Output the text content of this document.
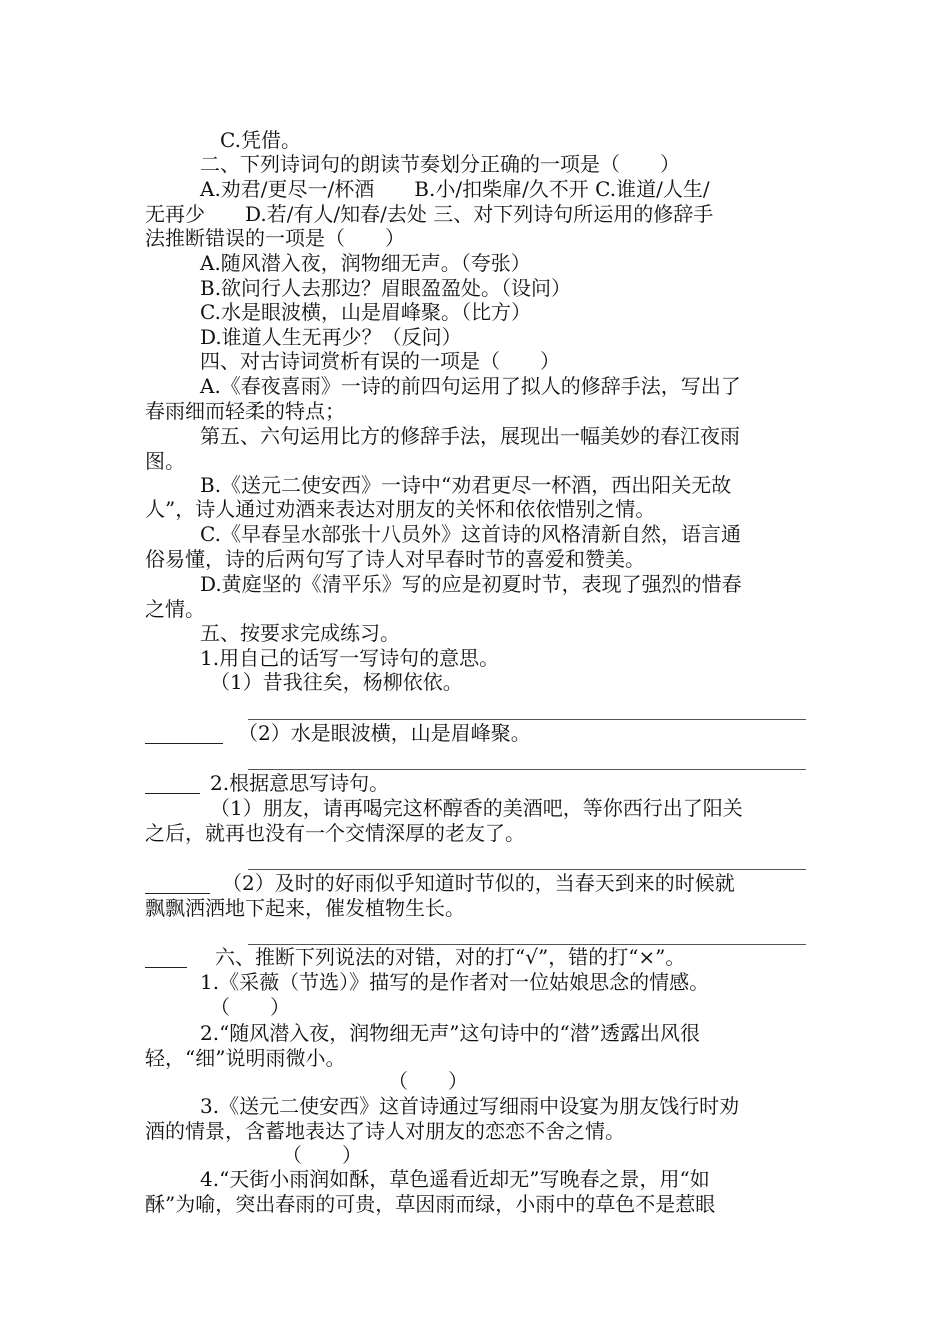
C.凭借。
二、下列诗词句的朗读节奏划分正确的一项是（　　）
A.劝君/更尽一/杯酒　　B.小/扣柴扉/久不开 C.谁道/人生/
无再少　　D.若/有人/知春/去处 三、对下列诗句所运用的修辞手
法推断错误的一项是（　　）
A.随风潜入夜，润物细无声。（夸张）
B.欲问行人去那边？眉眼盈盈处。（设问）
C.水是眼波横，山是眉峰聚。（比方）
D.谁道人生无再少？（反问）
四、对古诗词赏析有误的一项是（　　）
A.《春夜喜雨》一诗的前四句运用了拟人的修辞手法，写出了
春雨细而轻柔的特点；
第五、六句运用比方的修辞手法，展现出一幅美妙的春江夜雨
图。
B.《送元二使安西》一诗中“劝君更尽一杯酒，西出阳关无故
人”，诗人通过劝酒来表达对朋友的关怀和依依惜别之情。
C.《早春呈水部张十八员外》这首诗的风格清新自然，语言通
俗易懂，诗的后两句写了诗人对早春时节的喜爱和赞美。
D.黄庭坚的《清平乐》写的应是初夏时节，表现了强烈的惜春
之情。
五、按要求完成练习。
1.用自己的话写一写诗句的意思。
（1）昔我往矣，杨柳依依。
（2）水是眼波横，山是眉峰聚。
2.根据意思写诗句。
（1）朋友，请再喝完这杯醇香的美酒吧，等你西行出了阳关
之后，就再也没有一个交情深厚的老友了。
（2）及时的好雨似乎知道时节似的，当春天到来的时候就
飘飘洒洒地下起来，催发植物生长。
六、推断下列说法的对错，对的打“√”，错的打“×”。
1.《采薇（节选）》描写的是作者对一位姑娘思念的情感。
（　　）
2.“随风潜入夜，润物细无声”这句诗中的“潜”透露出风很
轻，“细”说明雨微小。
（　　）
3.《送元二使安西》这首诗通过写细雨中设宴为朋友饯行时劝
酒的情景，含蓄地表达了诗人对朋友的恋恋不舍之情。
（　　）
4.“天街小雨润如酥，草色遥看近却无”写晚春之景，用“如
酥”为喻，突出春雨的可贵，草因雨而绿，小雨中的草色不是惹眼
